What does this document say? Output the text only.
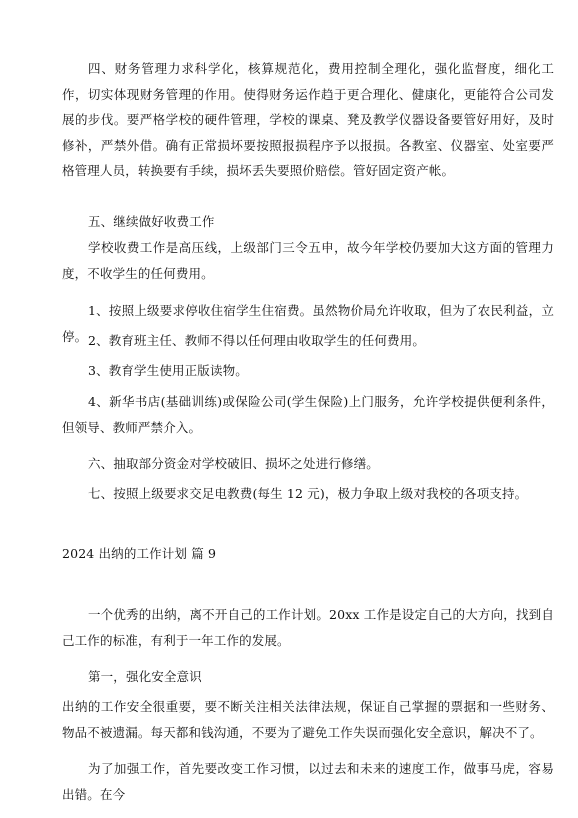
四、财务管理力求科学化，核算规范化，费用控制全理化，强化监督度，细化工作，切实体现财务管理的作用。使得财务运作趋于更合理化、健康化，更能符合公司发展的步伐。要严格学校的硬件管理，学校的课桌、凳及教学仪器设备要管好用好，及时修补，严禁外借。确有正常损坏要按照报损程序予以报损。各教室、仪器室、处室要严格管理人员，转换要有手续，损坏丢失要照价赔偿。管好固定资产帐。

五、继续做好收费工作

学校收费工作是高压线，上级部门三令五申，故今年学校仍要加大这方面的管理力度，不收学生的任何费用。

1、按照上级要求停收住宿学生住宿费。虽然物价局允许收取，但为了农民利益，立停。 2、教育班主任、教师不得以任何理由收取学生的任何费用。

3、教育学生使用正版读物。

4、新华书店(基础训练)或保险公司(学生保险)上门服务，允许学校提供便利条件，但领导、教师严禁介入。

六、抽取部分资金对学校破旧、损坏之处进行修缮。

七、按照上级要求交足电教费(每生 12 元)，极力争取上级对我校的各项支持。

2024 出纳的工作计划 篇 9

一个优秀的出纳，离不开自己的工作计划。20xx 工作是设定自己的大方向，找到自己工作的标准，有利于一年工作的发展。

第一，强化安全意识

出纳的工作安全很重要，要不断关注相关法律法规，保证自己掌握的票据和一些财务、物品不被遗漏。每天都和钱沟通，不要为了避免工作失误而强化安全意识，解决不了。

为了加强工作，首先要改变工作习惯，以过去和未来的速度工作，做事马虎，容易出错。在今
